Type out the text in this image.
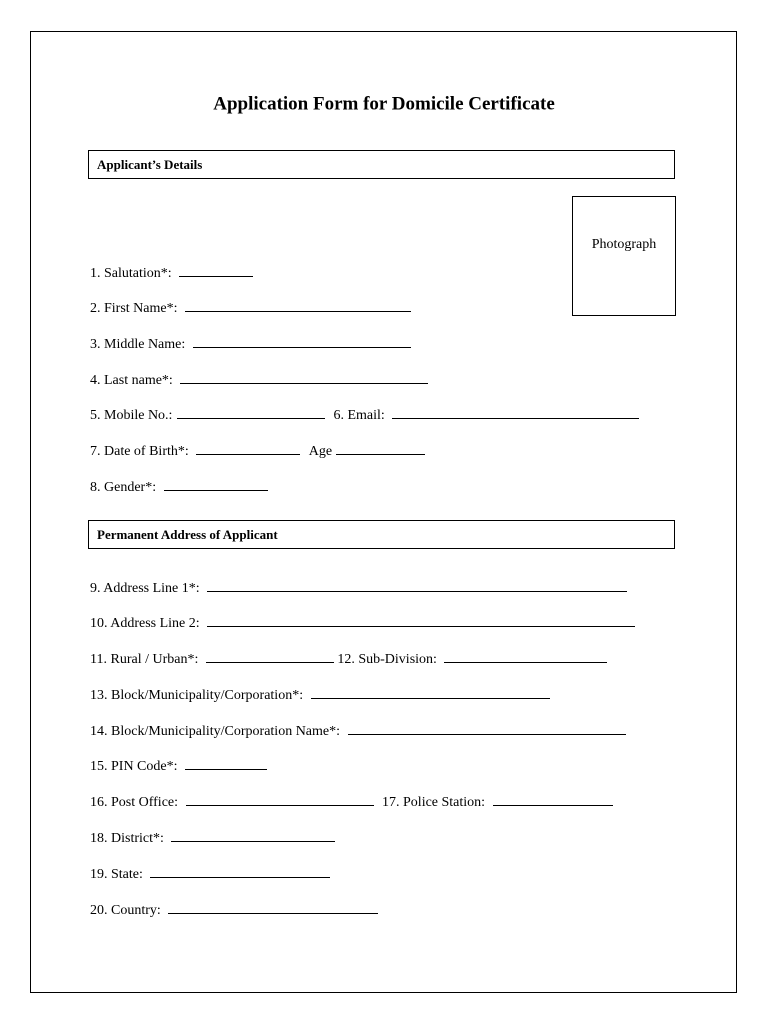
Application Form for Domicile Certificate
Applicant’s Details
Photograph
1. Salutation*:
2. First Name*:
3. Middle Name:
4. Last name*:
5. Mobile No.:	6. Email:
7. Date of Birth*:	Age
8. Gender*:
Permanent Address of Applicant
9. Address Line 1*:
10. Address Line 2:
11. Rural / Urban*:	12. Sub-Division:
13. Block/Municipality/Corporation*:
14. Block/Municipality/Corporation Name*:
15. PIN Code*:
16. Post Office:	17. Police Station:
18. District*:
19. State:
20. Country:
